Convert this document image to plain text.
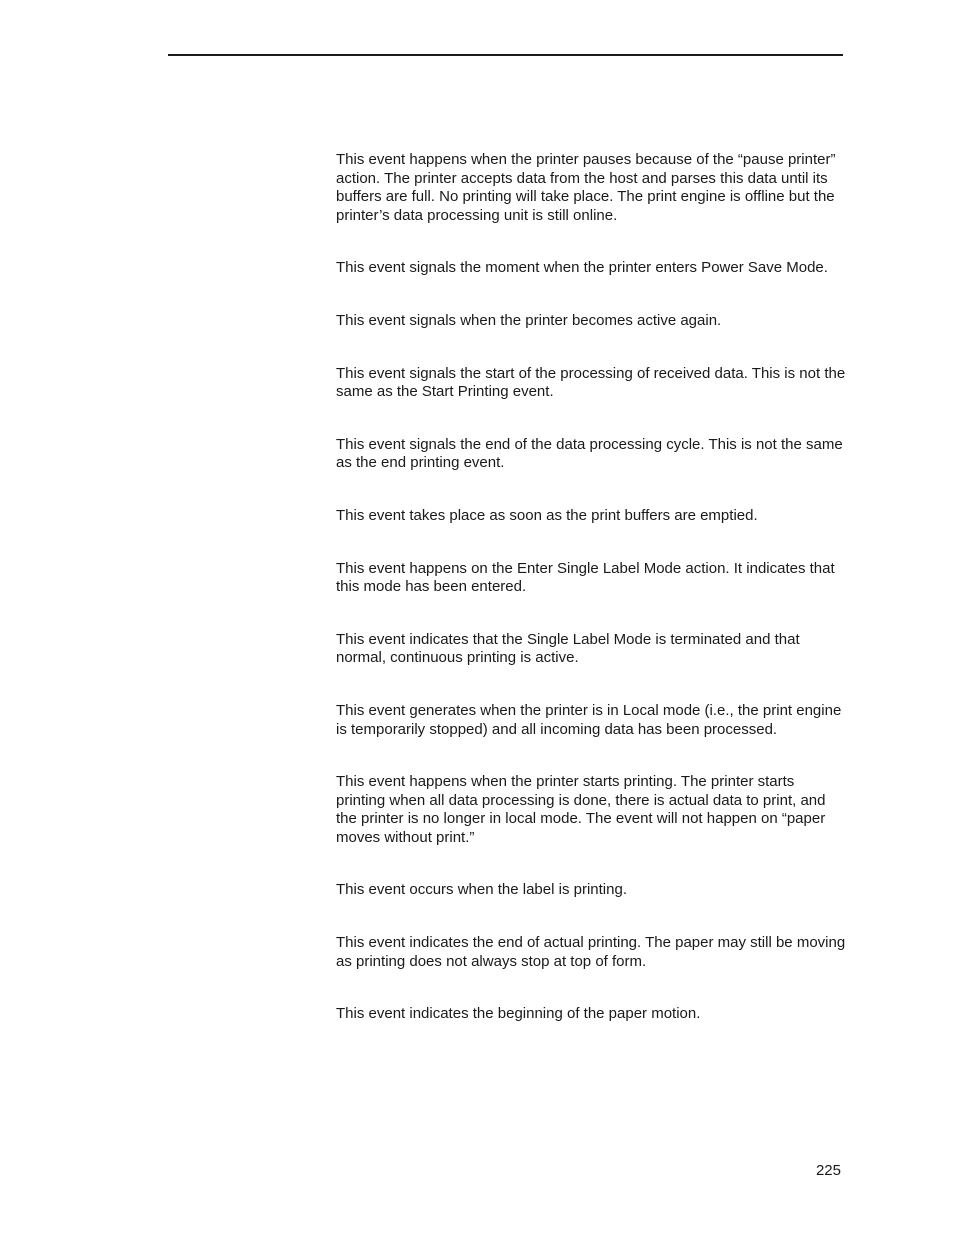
This event happens when the printer pauses because of the “pause printer” action. The printer accepts data from the host and parses this data until its buffers are full. No printing will take place. The print engine is offline but the printer’s data processing unit is still online.

This event signals the moment when the printer enters Power Save Mode.

This event signals when the printer becomes active again.

This event signals the start of the processing of received data. This is not the same as the Start Printing event.

This event signals the end of the data processing cycle. This is not the same as the end printing event.

This event takes place as soon as the print buffers are emptied.

This event happens on the Enter Single Label Mode action. It indicates that this mode has been entered.

This event indicates that the Single Label Mode is terminated and that normal, continuous printing is active.

This event generates when the printer is in Local mode (i.e., the print engine is temporarily stopped) and all incoming data has been processed.

This event happens when the printer starts printing. The printer starts printing when all data processing is done, there is actual data to print, and the printer is no longer in local mode. The event will not happen on “paper moves without print.”

This event occurs when the label is printing.

This event indicates the end of actual printing. The paper may still be moving as printing does not always stop at top of form.

This event indicates the beginning of the paper motion.

225
